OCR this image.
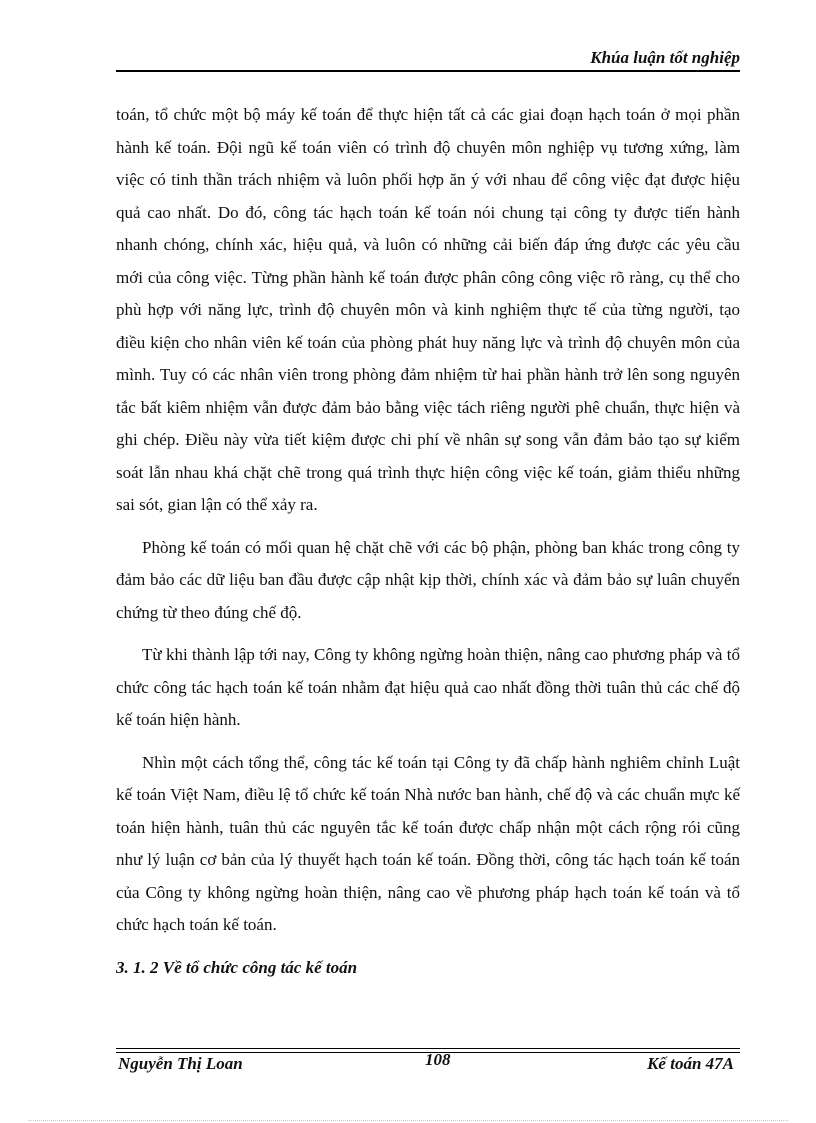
Khúa luận tốt nghiệp

toán, tổ chức một bộ máy kế toán để thực hiện tất cả các giai đoạn hạch toán ở mọi phần hành kế toán. Đội ngũ kế toán viên có trình độ chuyên môn nghiệp vụ tương xứng, làm việc có tinh thần trách nhiệm và luôn phối hợp ăn ý với nhau để công việc đạt được hiệu quả cao nhất. Do đó, công tác hạch toán kế toán nói chung tại công ty được tiến hành nhanh chóng, chính xác, hiệu quả, và luôn có những cải biến đáp ứng được các yêu cầu mới của công việc. Từng phần hành kế toán được phân công công việc rõ ràng, cụ thể cho phù hợp với năng lực, trình độ chuyên môn và kinh nghiệm thực tế của từng người, tạo điều kiện cho nhân viên kế toán của phòng phát huy năng lực và trình độ chuyên môn của mình. Tuy có các nhân viên trong phòng đảm nhiệm từ hai phần hành trở lên song nguyên tắc bất kiêm nhiệm vẫn được đảm bảo bằng việc tách riêng người phê chuẩn, thực hiện và ghi chép. Điều này vừa tiết kiệm được chi phí về nhân sự song vẫn đảm bảo tạo sự kiểm soát lẫn nhau khá chặt chẽ trong quá trình thực hiện công việc kế toán, giảm thiểu những sai sót, gian lận có thể xảy ra.

Phòng kế toán có mối quan hệ chặt chẽ với các bộ phận, phòng ban khác trong công ty đảm bảo các dữ liệu ban đầu được cập nhật kịp thời, chính xác và đảm bảo sự luân chuyển chứng từ theo đúng chế độ.

Từ khi thành lập tới nay, Công ty không ngừng hoàn thiện, nâng cao phương pháp và tổ chức công tác hạch toán kế toán nhằm đạt hiệu quả cao nhất đồng thời tuân thủ các chế độ kế toán hiện hành.

Nhìn một cách tổng thể, công tác kế toán tại Công ty đã chấp hành nghiêm chỉnh Luật kế toán Việt Nam, điều lệ tổ chức kế toán Nhà nước ban hành, chế độ và các chuẩn mực kế toán hiện hành, tuân thủ các nguyên tắc kế toán được chấp nhận một cách rộng rói cũng như lý luận cơ bản của lý thuyết hạch toán kế toán. Đồng thời, công tác hạch toán kế toán của Công ty không ngừng hoàn thiện, nâng cao về phương pháp hạch toán kế toán và tổ chức hạch toán kế toán.

3. 1. 2 Về tổ chức công tác kế toán
Nguyễn Thị Loan	108	Kế toán 47A
